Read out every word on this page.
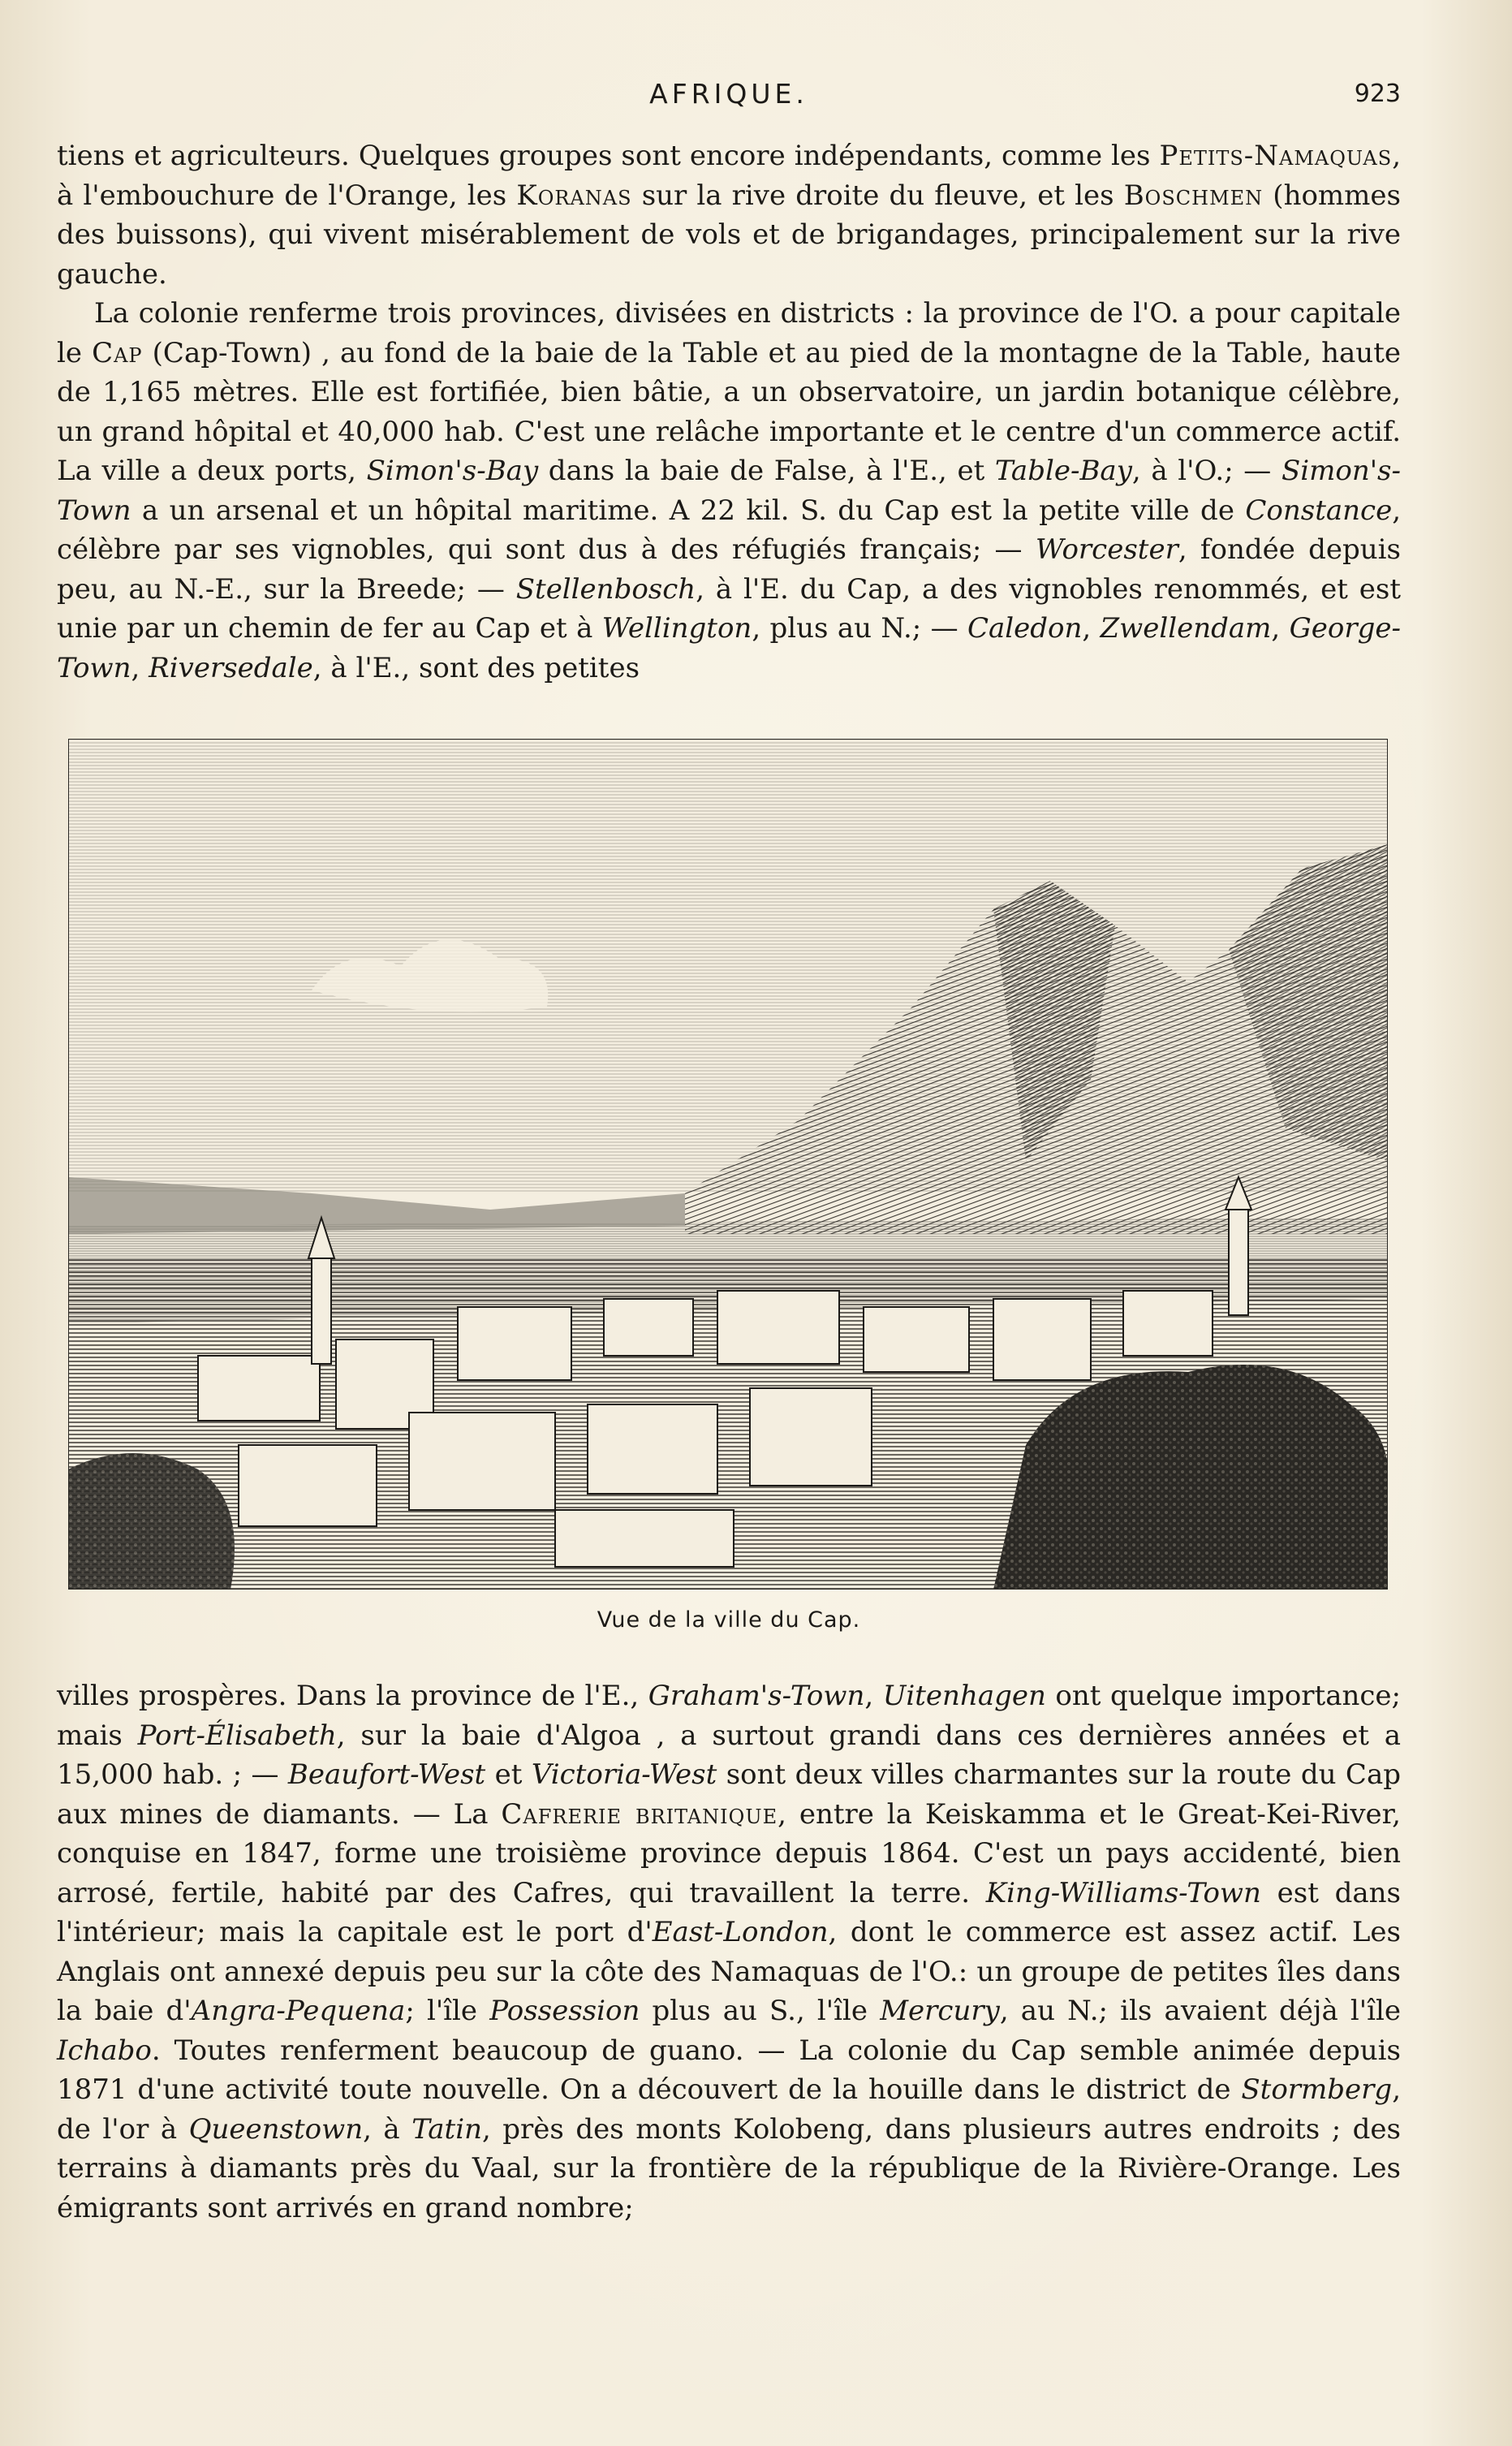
AFRIQUE.	923

tiens et agriculteurs. Quelques groupes sont encore indépendants, comme les Petits-Namaquas, à l'embouchure de l'Orange, les Koranas sur la rive droite du fleuve, et les Boschmen (hommes des buissons), qui vivent misérablement de vols et de brigandages, principalement sur la rive gauche.

La colonie renferme trois provinces, divisées en districts : la province de l'O. a pour capitale le Cap (Cap-Town) , au fond de la baie de la Table et au pied de la montagne de la Table, haute de 1,165 mètres. Elle est fortifiée, bien bâtie, a un observatoire, un jardin botanique célèbre, un grand hôpital et 40,000 hab. C'est une relâche importante et le centre d'un commerce actif. La ville a deux ports, Simon's-Bay dans la baie de False, à l'E., et Table-Bay, à l'O.; — Simon's-Town a un arsenal et un hôpital maritime. A 22 kil. S. du Cap est la petite ville de Constance, célèbre par ses vignobles, qui sont dus à des réfugiés français; — Worcester, fondée depuis peu, au N.-E., sur la Breede; — Stellenbosch, à l'E. du Cap, a des vignobles renommés, et est unie par un chemin de fer au Cap et à Wellington, plus au N.; — Caledon, Zwellendam, George-Town, Riversedale, à l'E., sont des petites

Vue de la ville du Cap.

villes prospères. Dans la province de l'E., Graham's-Town, Uitenhagen ont quelque importance; mais Port-Élisabeth, sur la baie d'Algoa , a surtout grandi dans ces dernières années et a 15,000 hab. ; — Beaufort-West et Victoria-West sont deux villes charmantes sur la route du Cap aux mines de diamants. — La Cafrerie britanique, entre la Keiskamma et le Great-Kei-River, conquise en 1847, forme une troisième province depuis 1864. C'est un pays accidenté, bien arrosé, fertile, habité par des Cafres, qui travaillent la terre. King-Williams-Town est dans l'intérieur; mais la capitale est le port d'East-London, dont le commerce est assez actif. Les Anglais ont annexé depuis peu sur la côte des Namaquas de l'O.: un groupe de petites îles dans la baie d'Angra-Pequena; l'île Possession plus au S., l'île Mercury, au N.; ils avaient déjà l'île Ichabo. Toutes renferment beaucoup de guano. — La colonie du Cap semble animée depuis 1871 d'une activité toute nouvelle. On a découvert de la houille dans le district de Stormberg, de l'or à Queenstown, à Tatin, près des monts Kolobeng, dans plusieurs autres endroits ; des terrains à diamants près du Vaal, sur la frontière de la république de la Rivière-Orange. Les émigrants sont arrivés en grand nombre;
